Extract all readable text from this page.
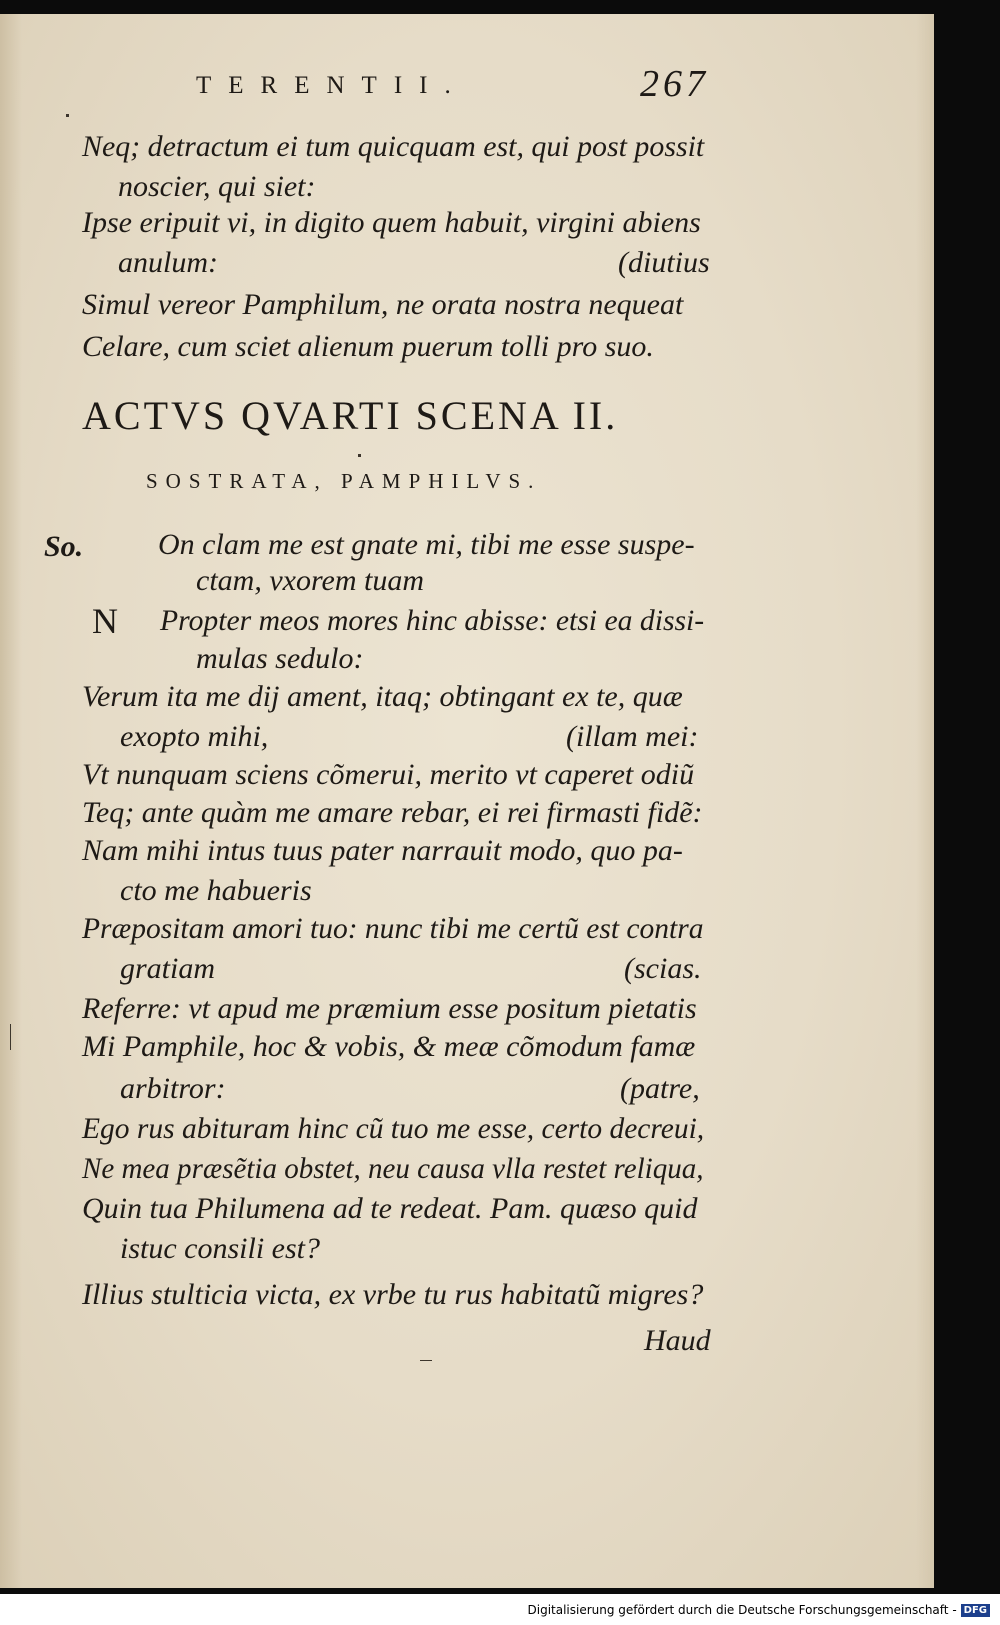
TERENTII.	267
Neq; detractum ei tum quicquam est, qui post possit
noscier, qui siet:
Ipse eripuit vi, in digito quem habuit, virgini abiens
anulum:	(diutius
Simul vereor Pamphilum, ne orata nostra nequeat
Celare, cum sciet alienum puerum tolli pro suo.
ACTVS QVARTI SCENA II.
SOSTRATA, PAMPHILVS.
So.
N
On clam me est gnate mi, tibi me esse suspe-
ctam, vxorem tuam
Propter meos mores hinc abisse: etsi ea dissi-
mulas sedulo:
Verum ita me dij ament, itaq; obtingant ex te, quæ
exopto mihi,	(illam mei:
Vt nunquam sciens cõmerui, merito vt caperet odiũ
Teq; ante quàm me amare rebar, ei rei firmasti fidẽ:
Nam mihi intus tuus pater narrauit modo, quo pa-
cto me habueris
Præpositam amori tuo: nunc tibi me certũ est contra
gratiam	(scias.
Referre: vt apud me præmium esse positum pietatis
Mi Pamphile, hoc & vobis, & meæ cõmodum famæ
arbitror:	(patre,
Ego rus abituram hinc cũ tuo me esse, certo decreui,
Ne mea præsẽtia obstet, neu causa vlla restet reliqua,
Quin tua Philumena ad te redeat. Pam. quæso quid
istuc consili est?
Illius stulticia victa, ex vrbe tu rus habitatũ migres?
Haud
Digitalisierung gefördert durch die Deutsche Forschungsgemeinschaft - DFG
